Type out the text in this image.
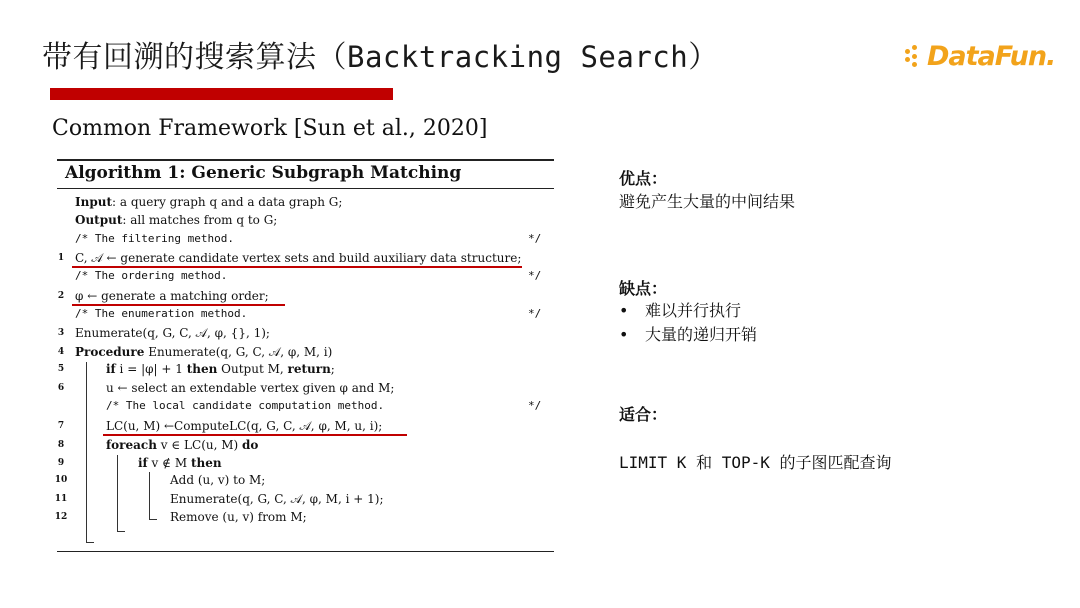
带有回溯的搜索算法（Backtracking Search）	DataFun.
Common Framework [Sun et al., 2020]
Algorithm 1: Generic Subgraph Matching
Input: a query graph q and a data graph G;
Output: all matches from q to G;
/* The filtering method.	*/
1 C, 𝒜 ← generate candidate vertex sets and build auxiliary data structure;
/* The ordering method.	*/
2 φ ← generate a matching order;
/* The enumeration method.	*/
3 Enumerate(q, G, C, 𝒜, φ, {}, 1);
4 Procedure Enumerate(q, G, C, 𝒜, φ, M, i)
5	if i = |φ| + 1 then Output M, return;
6	u ← select an extendable vertex given φ and M;
/* The local candidate computation method.	*/
7	LC(u, M) ←ComputeLC(q, G, C, 𝒜, φ, M, u, i);
8	foreach v ∈ LC(u, M) do
9	if v ∉ M then
10	Add (u, v) to M;
11	Enumerate(q, G, C, 𝒜, φ, M, i + 1);
12	Remove (u, v) from M;
优点：
避免产生大量的中间结果
缺点：
• 难以并行执行
• 大量的递归开销
适合：
LIMIT K 和 TOP-K 的子图匹配查询
